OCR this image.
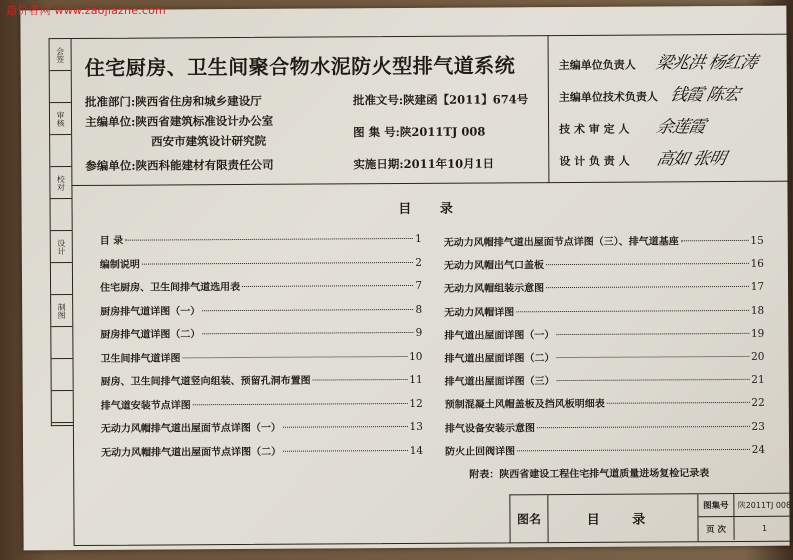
造价者网 www.zaojiazhe.com
会签
审核
校对
设计
制图
住宅厨房、卫生间聚合物水泥防火型排气道系统
批准部门:陕西省住房和城乡建设厅
主编单位:陕西省建筑标准设计办公室
西安市建筑设计研究院
参编单位:陕西科能建材有限责任公司
批准文号:陕建函【2011】674号
图 集 号:陕2011TJ 008
实施日期:2011年10月1日
主编单位负责人 梁兆洪 杨红涛
主编单位技术负责人 钱霞 陈宏
技 术 审 定 人 余莲霞
设 计 负 责 人 高如 张明
目 录
目 录	1
编制说明	2
住宅厨房、卫生间排气道选用表	7
厨房排气道详图（一）	8
厨房排气道详图（二）	9
卫生间排气道详图	10
厨房、卫生间排气道竖向组装、预留孔洞布置图	11
排气道安装节点详图	12
无动力风帽排气道出屋面节点详图（一）	13
无动力风帽排气道出屋面节点详图（二）	14
无动力风帽排气道出屋面节点详图（三）、排气道基座	15
无动力风帽出气口盖板	16
无动力风帽组装示意图	17
无动力风帽详图	18
排气道出屋面详图（一）	19
排气道出屋面详图（二）	20
排气道出屋面详图（三）	21
预制混凝土风帽盖板及挡风板明细表	22
排气设备安装示意图	23
防火止回阀详图	24
附表：陕西省建设工程住宅排气道质量进场复检记录表
图名	目 录
图集号	陕2011TJ 008
页 次	1
